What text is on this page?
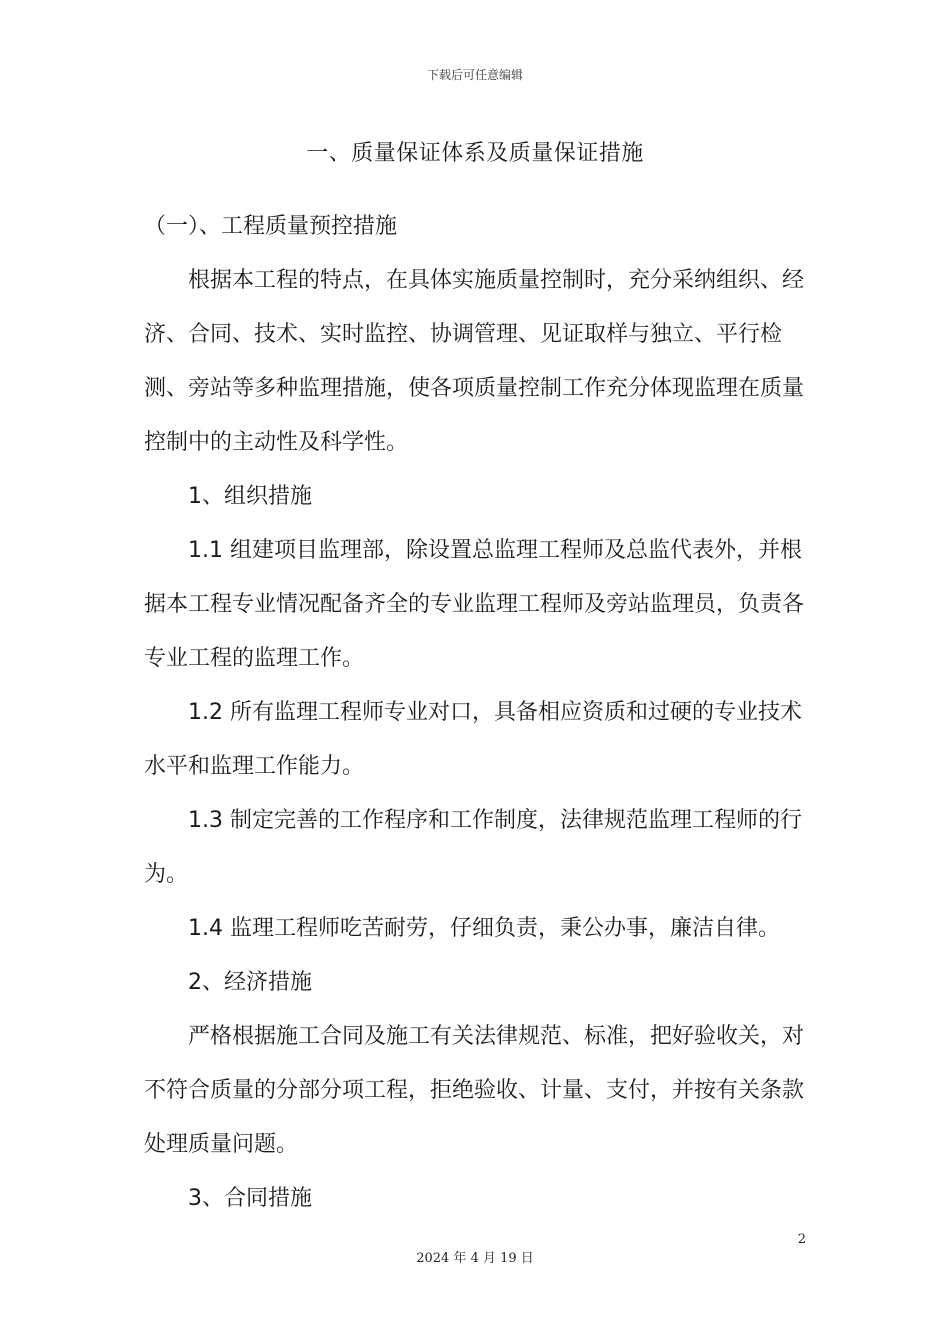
下载后可任意编辑
一、质量保证体系及质量保证措施

（一）、工程质量预控措施

根据本工程的特点，在具体实施质量控制时，充分采纳组织、经济、合同、技术、实时监控、协调管理、见证取样与独立、平行检测、旁站等多种监理措施，使各项质量控制工作充分体现监理在质量控制中的主动性及科学性。

1、组织措施

1.1 组建项目监理部，除设置总监理工程师及总监代表外，并根据本工程专业情况配备齐全的专业监理工程师及旁站监理员，负责各专业工程的监理工作。

1.2 所有监理工程师专业对口，具备相应资质和过硬的专业技术水平和监理工作能力。

1.3 制定完善的工作程序和工作制度，法律规范监理工程师的行为。

1.4 监理工程师吃苦耐劳，仔细负责，秉公办事，廉洁自律。

2、经济措施

严格根据施工合同及施工有关法律规范、标准，把好验收关，对不符合质量的分部分项工程，拒绝验收、计量、支付，并按有关条款处理质量问题。

3、合同措施

2
2024 年 4 月 19 日
